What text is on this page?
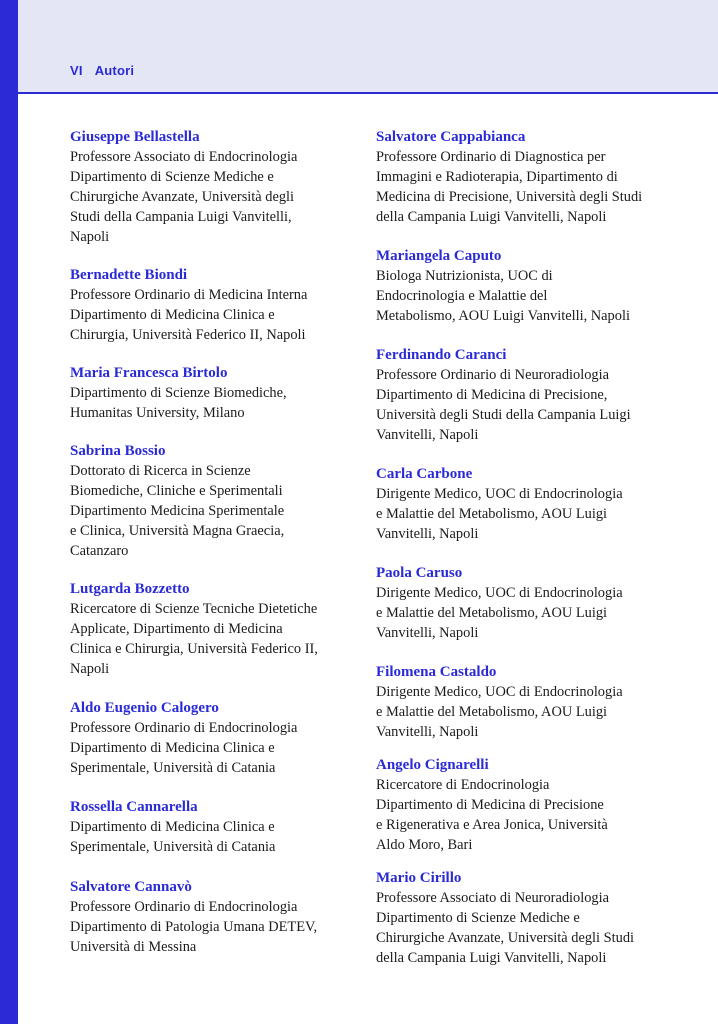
VI Autori
Giuseppe Bellastella
Professore Associato di Endocrinologia
Dipartimento di Scienze Mediche e
Chirurgiche Avanzate, Università degli
Studi della Campania Luigi Vanvitelli,
Napoli
Bernadette Biondi
Professore Ordinario di Medicina Interna
Dipartimento di Medicina Clinica e
Chirurgia, Università Federico II, Napoli
Maria Francesca Birtolo
Dipartimento di Scienze Biomediche,
Humanitas University, Milano
Sabrina Bossio
Dottorato di Ricerca in Scienze
Biomediche, Cliniche e Sperimentali
Dipartimento Medicina Sperimentale
e Clinica, Università Magna Graecia,
Catanzaro
Lutgarda Bozzetto
Ricercatore di Scienze Tecniche Dietetiche
Applicate, Dipartimento di Medicina
Clinica e Chirurgia, Università Federico II,
Napoli
Aldo Eugenio Calogero
Professore Ordinario di Endocrinologia
Dipartimento di Medicina Clinica e
Sperimentale, Università di Catania
Rossella Cannarella
Dipartimento di Medicina Clinica e
Sperimentale, Università di Catania
Salvatore Cannavò
Professore Ordinario di Endocrinologia
Dipartimento di Patologia Umana DETEV,
Università di Messina
Salvatore Cappabianca
Professore Ordinario di Diagnostica per
Immagini e Radioterapia, Dipartimento di
Medicina di Precisione, Università degli Studi
della Campania Luigi Vanvitelli, Napoli
Mariangela Caputo
Biologa Nutrizionista, UOC di
Endocrinologia e Malattie del
Metabolismo, AOU Luigi Vanvitelli, Napoli
Ferdinando Caranci
Professore Ordinario di Neuroradiologia
Dipartimento di Medicina di Precisione,
Università degli Studi della Campania Luigi
Vanvitelli, Napoli
Carla Carbone
Dirigente Medico, UOC di Endocrinologia
e Malattie del Metabolismo, AOU Luigi
Vanvitelli, Napoli
Paola Caruso
Dirigente Medico, UOC di Endocrinologia
e Malattie del Metabolismo, AOU Luigi
Vanvitelli, Napoli
Filomena Castaldo
Dirigente Medico, UOC di Endocrinologia
e Malattie del Metabolismo, AOU Luigi
Vanvitelli, Napoli
Angelo Cignarelli
Ricercatore di Endocrinologia
Dipartimento di Medicina di Precisione
e Rigenerativa e Area Jonica, Università
Aldo Moro, Bari
Mario Cirillo
Professore Associato di Neuroradiologia
Dipartimento di Scienze Mediche e
Chirurgiche Avanzate, Università degli Studi
della Campania Luigi Vanvitelli, Napoli
